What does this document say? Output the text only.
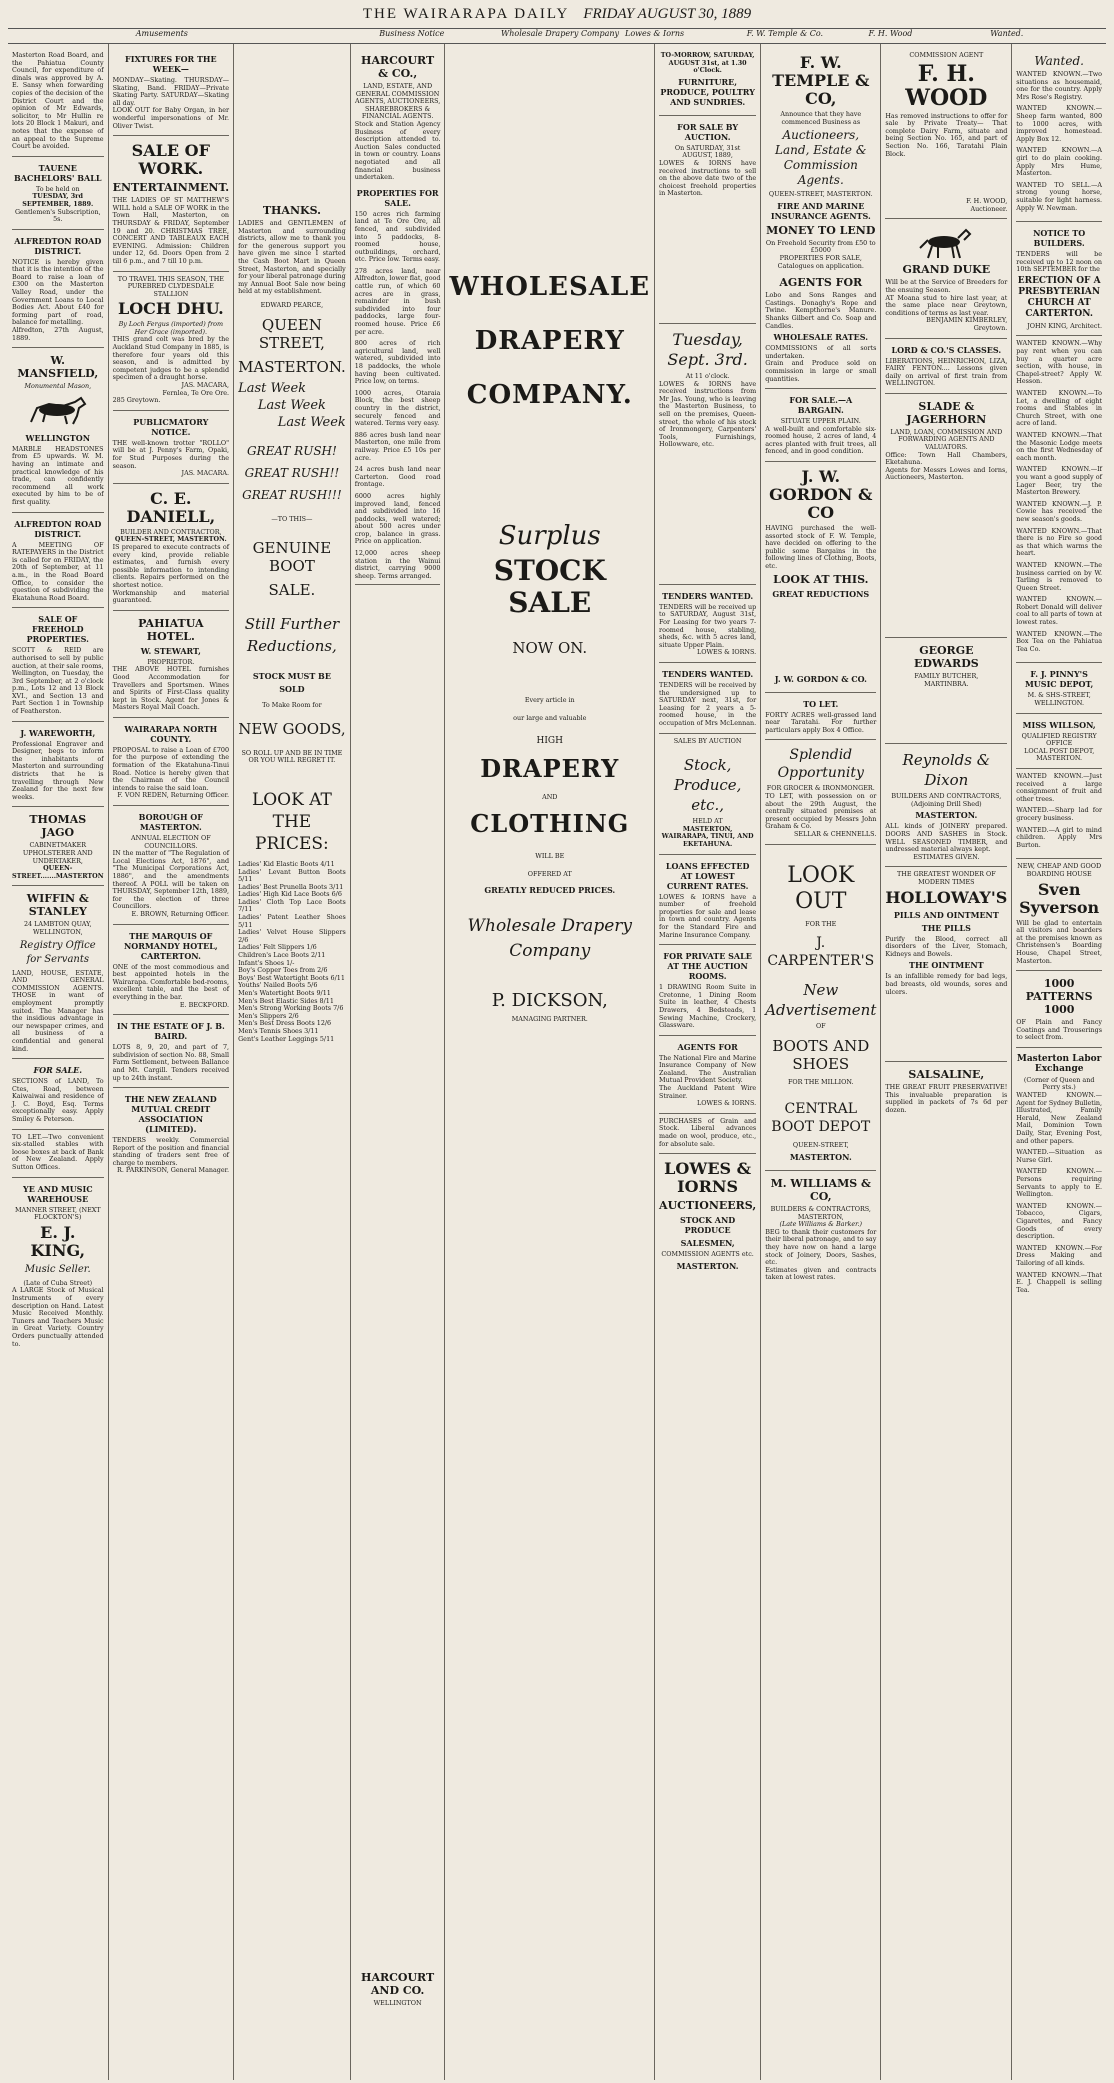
THE WAIRARAPA DAILY FRIDAY AUGUST 30, 1889
Amusements	Business Notice	Wholesale Drapery Company Lowes & Iorns	F. W. Temple & Co.	F. H. Wood	Wanted.

Masterton Road Board, and the Pahiatua County Council, for expenditure of dinals was approved by A. E. Sansy when forwarding copies of the decision of the District Court and the opinion of Mr Edwards, solicitor, to Mr Hullin re lots 20 Block 1 Makuri, and notes that the expense of an appeal to the Supreme Court be avoided.

TAUENE BACHELORS' BALL
To be held on
TUESDAY, 3rd SEPTEMBER, 1889.
Gentlemen's Subscription, 5s.
ALFREDTON ROAD DISTRICT.

NOTICE is hereby given that it is the intention of the Board to raise a loan of £300 on the Masterton Valley Road, under the Government Loans to Local Bodies Act. About £40 for forming part of road, balance for metalling.

Alfredton, 27th August, 1889.

W. MANSFIELD,
Monumental Mason,
WELLINGTON

MARBLE HEADSTONES from £5 upwards. W. M. having an intimate and practical knowledge of his trade, can confidently recommend all work executed by him to be of first quality.

ALFREDTON ROAD DISTRICT.

A MEETING OF RATEPAYERS in the District is called for on FRIDAY, the 20th of September, at 11 a.m., in the Road Board Office, to consider the question of subdividing the Ekatahuna Road Board.

SALE OF FREEHOLD PROPERTIES.

SCOTT & REID are authorised to sell by public auction, at their sale rooms, Wellington, on Tuesday, the 3rd September, at 2 o'clock p.m., Lots 12 and 13 Block XVI., and Section 13 and Part Section 1 in Township of Featherston.

J. WAREWORTH,

Professional Engraver and Designer, begs to inform the inhabitants of Masterton and surrounding districts that he is travelling through New Zealand for the next few weeks.

THOMAS JAGO
CABINETMAKER UPHOLSTERER AND UNDERTAKER,
QUEEN-STREET.......MASTERTON
WIFFIN & STANLEY
24 LAMBTON QUAY, WELLINGTON,
Registry Office for Servants

LAND, HOUSE, ESTATE, AND GENERAL COMMISSION AGENTS. THOSE in want of employment promptly suited. The Manager has the insidious advantage in our newspaper crimes, and all business of a confidential and general kind.

FOR SALE.

SECTIONS of LAND, To Ctes, Road, between Kaiwaiwai and residence of J. C. Boyd, Esq. Terms exceptionally easy. Apply Smiley & Peterson.

TO LET.—Two convenient six-stalled stables with loose boxes at back of Bank of New Zealand. Apply Sutton Offices.

YE AND MUSIC WAREHOUSE
MANNER STREET, (NEXT FLOCKTON'S)
E. J. KING,
Music Seller.
(Late of Cuba Street)

A LARGE Stock of Musical Instruments of every description on Hand. Latest Music Received Monthly. Tuners and Teachers Music in Great Variety. Country Orders punctually attended to.

FIXTURES FOR THE WEEK—

MONDAY—Skating. THURSDAY—Skating, Band. FRIDAY—Private Skating Party. SATURDAY—Skating all day.

LOOK OUT for Baby Organ, in her wonderful impersonations of Mr. Oliver Twist.

SALE OF WORK.
ENTERTAINMENT.

THE LADIES OF ST MATTHEW'S WILL hold a SALE OF WORK in the Town Hall, Masterton, on THURSDAY & FRIDAY, September 19 and 20. CHRISTMAS TREE, CONCERT AND TABLEAUX EACH EVENING. Admission: Children under 12, 6d. Doors Open from 2 till 6 p.m., and 7 till 10 p.m.

TO TRAVEL THIS SEASON, THE PUREBRED CLYDESDALE STALLION
LOCH DHU.
By Loch Fergus (imported) from Her Grace (imported).

THIS grand colt was bred by the Auckland Stud Company in 1885, is therefore four years old this season, and is admitted by competent judges to be a splendid specimen of a draught horse.

JAS. MACARA,

Fernlea, Te Ore Ore.

285 Greytown.

PUBLICMATORY NOTICE.

THE well-known trotter "ROLLO" will be at J. Penny's Farm, Opaki, for Stud Purposes during the season.

JAS. MACARA.

C. E. DANIELL,
BUILDER AND CONTRACTOR,
QUEEN-STREET, MASTERTON.

IS prepared to execute contracts of every kind, provide reliable estimates, and furnish every possible information to intending clients. Repairs performed on the shortest notice.

Workmanship and material guaranteed.

PAHIATUA HOTEL.
W. STEWART,
PROPRIETOR.

THE ABOVE HOTEL furnishes Good Accommodation for Travellers and Sportsmen. Wines and Spirits of First-Class quality kept in Stock. Agent for Jones & Masters Royal Mail Coach.

WAIRARAPA NORTH COUNTY.

PROPOSAL to raise a Loan of £700 for the purpose of extending the formation of the Ekatahuna-Tinui Road. Notice is hereby given that the Chairman of the Council intends to raise the said loan.

F. VON REDEN, Returning Officer.

BOROUGH OF MASTERTON.
ANNUAL ELECTION OF COUNCILLORS.

IN the matter of "The Regulation of Local Elections Act, 1876", and "The Municipal Corporations Act, 1886", and the amendments thereof. A POLL will be taken on THURSDAY, September 12th, 1889, for the election of three Councillors.

E. BROWN, Returning Officer.

THE MARQUIS OF NORMANDY HOTEL, CARTERTON.

ONE of the most commodious and best appointed hotels in the Wairarapa. Comfortable bed-rooms, excellent table, and the best of everything in the bar.

E. BECKFORD.

IN THE ESTATE OF J. B. BAIRD.

LOTS 8, 9, 20, and part of 7, subdivision of section No. 88, Small Farm Settlement, between Ballance and Mt. Cargill. Tenders received up to 24th instant.

THE NEW ZEALAND MUTUAL CREDIT ASSOCIATION (LIMITED).

TENDERS weekly. Commercial Report of the position and financial standing of traders sent free of charge to members.

R. PARKINSON, General Manager.

THANKS.

LADIES and GENTLEMEN of Masterton and surrounding districts, allow me to thank you for the generous support you have given me since I started the Cash Boot Mart in Queen Street, Masterton, and specially for your liberal patronage during my Annual Boot Sale now being held at my establishment.

EDWARD PEARCE,
QUEEN STREET,
MASTERTON.
Last Week
Last Week
Last Week
GREAT RUSH! GREAT RUSH!! GREAT RUSH!!!
—TO THIS—
GENUINE BOOT
SALE.
Still Further Reductions,
STOCK MUST BE
SOLD
To Make Room for
NEW GOODS,
SO ROLL UP AND BE IN TIME OR YOU WILL REGRET IT.
LOOK AT THE PRICES:

Ladies' Kid Elastic Boots 4/11

Ladies' Levant Button Boots 5/11

Ladies' Best Prunella Boots 3/11

Ladies' High Kid Lace Boots 6/6

Ladies' Cloth Top Lace Boots 7/11

Ladies' Patent Leather Shoes 5/11

Ladies' Velvet House Slippers 2/6

Ladies' Felt Slippers 1/6

Children's Lace Boots 2/11

Infant's Shoes 1/-

Boy's Copper Toes from 2/6

Boys' Best Watertight Boots 6/11

Youths' Nailed Boots 5/6

Men's Watertight Boots 9/11

Men's Best Elastic Sides 8/11

Men's Strong Working Boots 7/6

Men's Slippers 2/6

Men's Best Dress Boots 12/6

Men's Tennis Shoes 3/11

Gent's Leather Leggings 5/11

HARCOURT & CO.,
LAND, ESTATE, AND GENERAL COMMISSION AGENTS, AUCTIONEERS, SHAREBROKERS & FINANCIAL AGENTS.

Stock and Station Agency Business of every description attended to. Auction Sales conducted in town or country. Loans negotiated and all financial business undertaken.

PROPERTIES FOR SALE.

150 acres rich farming land at Te Ore Ore, all fenced, and subdivided into 5 paddocks, 8-roomed house, outbuildings, orchard, etc. Price low. Terms easy.

278 acres land, near Alfredton, lower flat, good cattle run, of which 60 acres are in grass, remainder in bush subdivided into four paddocks, large four-roomed house. Price £6 per acre.

800 acres of rich agricultural land, well watered, subdivided into 18 paddocks, the whole having been cultivated. Price low, on terms.

1000 acres, Otaraia Block, the best sheep country in the district, securely fenced and watered. Terms very easy.

886 acres bush land near Masterton, one mile from railway. Price £5 10s per acre.

24 acres bush land near Carterton. Good road frontage.

6000 acres highly improved land, fenced and subdivided into 16 paddocks, well watered; about 500 acres under crop, balance in grass. Price on application.

12,000 acres sheep station in the Wainui district, carrying 9000 sheep. Terms arranged.

HARCOURT AND CO.
WELLINGTON
WHOLESALE
DRAPERY
COMPANY.
Surplus
STOCK SALE
NOW ON.
Every article in
our large and valuable
HIGH
DRAPERY
AND
CLOTHING
WILL BE
OFFERED AT
GREATLY REDUCED PRICES.
Wholesale Drapery
Company
P. DICKSON,
MANAGING PARTNER.
TO-MORROW, SATURDAY, AUGUST 31st, at 1.30 o'Clock.
FURNITURE, PRODUCE, POULTRY AND SUNDRIES.
FOR SALE BY AUCTION.
On SATURDAY, 31st AUGUST, 1889,

LOWES & IORNS have received instructions to sell on the above date two of the choicest freehold properties in Masterton.

Tuesday, Sept. 3rd.
At 11 o'clock.

LOWES & IORNS have received instructions from Mr Jas. Young, who is leaving the Masterton Business, to sell on the premises, Queen-street, the whole of his stock of Ironmongery, Carpenters' Tools, Furnishings, Hollowware, etc.

TENDERS WANTED.

TENDERS will be received up to SATURDAY, August 31st, For Leasing for two years 7-roomed house, stabling, sheds, &c. with 5 acres land, situate Upper Plain.

LOWES & IORNS.

TENDERS WANTED.

TENDERS will be received by the undersigned up to SATURDAY next, 31st, for Leasing for 2 years a 5-roomed house, in the occupation of Mrs McLennan.

SALES BY AUCTION
Stock, Produce, etc.,
HELD AT
MASTERTON, WAIRARAPA, TINUI, AND EKETAHUNA.
LOANS EFFECTED AT LOWEST CURRENT RATES.

LOWES & IORNS have a number of freehold properties for sale and lease in town and country. Agents for the Standard Fire and Marine Insurance Company.

FOR PRIVATE SALE AT THE AUCTION ROOMS.

1 DRAWING Room Suite in Cretonne, 1 Dining Room Suite in leather, 4 Chests Drawers, 4 Bedsteads, 1 Sewing Machine, Crockery, Glassware.

AGENTS FOR

The National Fire and Marine Insurance Company of New Zealand. The Australian Mutual Provident Society.

The Auckland Patent Wire Strainer.

LOWES & IORNS.

PURCHASES of Grain and Stock. Liberal advances made on wool, produce, etc., for absolute sale.

LOWES & IORNS
AUCTIONEERS,
STOCK AND PRODUCE
SALESMEN,
COMMISSION AGENTS etc.
MASTERTON.
F. W. TEMPLE & CO,
Announce that they have commenced Business as
Auctioneers, Land, Estate & Commission Agents.
QUEEN-STREET, MASTERTON.
FIRE AND MARINE INSURANCE AGENTS.
MONEY TO LEND
On Freehold Security from £50 to £5000
PROPERTIES FOR SALE, Catalogues on application.
AGENTS FOR

Lobo and Sons Ranges and Castings. Donaghy's Rope and Twine. Kempthorne's Manure. Shanks Gilbert and Co. Soap and Candles.

WHOLESALE RATES.

COMMISSIONS of all sorts undertaken.

Grain and Produce sold on commission in large or small quantities.

FOR SALE.—A BARGAIN.
SITUATE UPPER PLAIN.

A well-built and comfortable six-roomed house, 2 acres of land, 4 acres planted with fruit trees, all fenced, and in good condition.

J. W. GORDON & CO

HAVING purchased the well-assorted stock of F. W. Temple, have decided on offering to the public some Bargains in the following lines of Clothing, Boots, etc.

LOOK AT THIS.
GREAT REDUCTIONS
J. W. GORDON & CO.
TO LET.

FORTY ACRES well-grassed land near Taratahi. For further particulars apply Box 4 Office.

Splendid Opportunity
FOR GROCER & IRONMONGER.

TO LET, with possession on or about the 29th August, the centrally situated premises at present occupied by Messrs John Graham & Co.

SELLAR & CHENNELLS.

LOOK OUT
FOR THE
J. CARPENTER'S
New Advertisement
OF
BOOTS AND SHOES
FOR THE MILLION.
CENTRAL BOOT DEPOT
QUEEN-STREET,
MASTERTON.
M. WILLIAMS & CO,
BUILDERS & CONTRACTORS,
MASTERTON,
(Late Williams & Barker.)

BEG to thank their customers for their liberal patronage, and to say they have now on hand a large stock of Joinery, Doors, Sashes, etc.

Estimates given and contracts taken at lowest rates.

COMMISSION AGENT
F. H. WOOD

Has removed instructions to offer for sale by Private Treaty— That complete Dairy Farm, situate and being Section No. 165, and part of Section No. 166, Taratahi Plain Block.

F. H. WOOD,

Auctioneer.

GRAND DUKE

Will be at the Service of Breeders for the ensuing Season.

AT Moana stud to hire last year, at the same place near Greytown, conditions of terms as last year.

BENJAMIN KIMBERLEY,

Greytown.

LORD & CO.'S CLASSES.

LIBERATIONS, HEINRICHON, LIZA, FAIRY FENTON.... Lessons given daily on arrival of first train from WELLINGTON.

SLADE & JAGERHORN
LAND, LOAN, COMMISSION AND FORWARDING AGENTS AND VALUATORS.

Office: Town Hall Chambers, Eketahuna.

Agents for Messrs Lowes and Iorns, Auctioneers, Masterton.

GEORGE EDWARDS
FAMILY BUTCHER,
MARTINBRA.
Reynolds & Dixon
BUILDERS AND CONTRACTORS,
(Adjoining Drill Shed)
MASTERTON.

ALL kinds of JOINERY prepared. DOORS AND SASHES in Stock. WELL SEASONED TIMBER, and undressed material always kept.

ESTIMATES GIVEN.
THE GREATEST WONDER OF MODERN TIMES
HOLLOWAY'S
PILLS AND OINTMENT
THE PILLS

Purify the Blood, correct all disorders of the Liver, Stomach, Kidneys and Bowels.

THE OINTMENT

Is an infallible remedy for bad legs, bad breasts, old wounds, sores and ulcers.

SALSALINE,

THE GREAT FRUIT PRESERVATIVE! This invaluable preparation is supplied in packets of 7s 6d per dozen.

Wanted.

WANTED KNOWN.—Two situations as housemaid, one for the country. Apply Mrs Rose's Registry.

WANTED KNOWN.—Sheep farm wanted, 800 to 1000 acres, with improved homestead. Apply Box 12.

WANTED KNOWN.—A girl to do plain cooking. Apply Mrs Hume, Masterton.

WANTED TO SELL.—A strong young horse, suitable for light harness. Apply W. Newman.

NOTICE TO BUILDERS.

TENDERS will be received up to 12 noon on 10th SEPTEMBER for the

ERECTION OF A PRESBYTERIAN CHURCH AT CARTERTON.

JOHN KING, Architect.

WANTED KNOWN.—Why pay rent when you can buy a quarter acre section, with house, in Chapel-street? Apply W. Hesson.

WANTED KNOWN.—To Let, a dwelling of eight rooms and Stables in Church Street, with one acre of land.

WANTED KNOWN.—That the Masonic Lodge meets on the first Wednesday of each month.

WANTED KNOWN.—If you want a good supply of Lager Beer, try the Masterton Brewery.

WANTED KNOWN.—J. P. Cowie has received the new season's goods.

WANTED KNOWN.—That there is no Fire so good as that which warms the heart.

WANTED KNOWN.—The business carried on by W. Tarling is removed to Queen Street.

WANTED KNOWN.—Robert Donald will deliver coal to all parts of town at lowest rates.

WANTED KNOWN.—The Box Tea on the Pahiatua Tea Co.

F. J. PINNY'S MUSIC DEPOT,
M. & SHS-STREET, WELLINGTON.
MISS WILLSON,
QUALIFIED REGISTRY OFFICE
LOCAL POST DEPOT,
MASTERTON.

WANTED KNOWN.—Just received a large consignment of fruit and other trees.

WANTED.—Sharp lad for grocery business.

WANTED.—A girl to mind children. Apply Mrs Burton.

NEW, CHEAP AND GOOD BOARDING HOUSE
Sven Syverson

Will be glad to entertain all visitors and boarders at the premises known as Christensen's Boarding House, Chapel Street, Masterton.

1000 PATTERNS 1000

OF Plain and Fancy Coatings and Trouserings to select from.

Masterton Labor Exchange
(Corner of Queen and Perry sts.)

WANTED KNOWN.—Agent for Sydney Bulletin, Illustrated, Family Herald, New Zealand Mail, Dominion Town Daily, Star, Evening Post, and other papers.

WANTED.—Situation as Nurse Girl.

WANTED KNOWN.—Persons requiring Servants to apply to E. Wellington.

WANTED KNOWN.—Tobacco, Cigars, Cigarettes, and Fancy Goods of every description.

WANTED KNOWN.—For Dress Making and Tailoring of all kinds.

WANTED KNOWN.—That E. J. Chappell is selling Tea.
